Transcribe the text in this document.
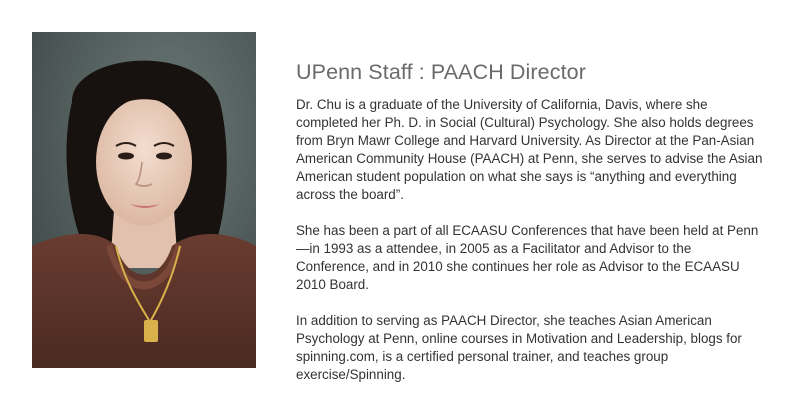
UPenn Staff : PAACH Director

Dr. Chu is a graduate of the University of California, Davis, where she completed her Ph. D. in Social (Cultural) Psychology. She also holds degrees from Bryn Mawr College and Harvard University. As Director at the Pan-Asian American Community House (PAACH) at Penn, she serves to advise the Asian American student population on what she says is “anything and everything across the board”.

She has been a part of all ECAASU Conferences that have been held at Penn—in 1993 as a attendee, in 2005 as a Facilitator and Advisor to the Conference, and in 2010 she continues her role as Advisor to the ECAASU 2010 Board.

In addition to serving as PAACH Director, she teaches Asian American Psychology at Penn, online courses in Motivation and Leadership, blogs for spinning.com, is a certified personal trainer, and teaches group exercise/Spinning.
